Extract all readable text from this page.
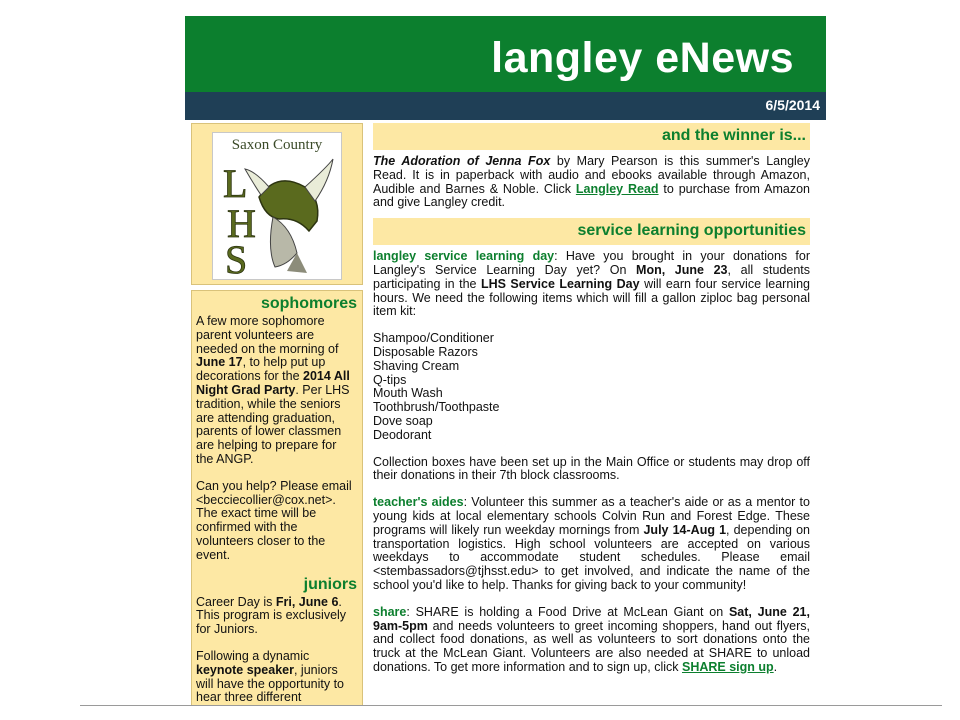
langley eNews
6/5/2014
Saxon Country
L
H
S
sophomores

A few more sophomore parent volunteers are needed on the morning of June 17, to help put up decorations for the 2014 All Night Grad Party. Per LHS tradition, while the seniors are attending graduation, parents of lower classmen are helping to prepare for the ANGP.

Can you help? Please email <becciecollier@cox.net>. The exact time will be confirmed with the volunteers closer to the event.

juniors

Career Day is Fri, June 6. This program is exclusively for Juniors.

Following a dynamic keynote speaker, juniors will have the opportunity to hear three different

and the winner is...

The Adoration of Jenna Fox by Mary Pearson is this summer's Langley Read. It is in paperback with audio and ebooks available through Amazon, Audible and Barnes & Noble. Click Langley Read to purchase from Amazon and give Langley credit.

service learning opportunities

langley service learning day: Have you brought in your donations for Langley's Service Learning Day yet? On Mon, June 23, all students participating in the LHS Service Learning Day will earn four service learning hours. We need the following items which will fill a gallon ziploc bag personal item kit:

Shampoo/Conditioner
Disposable Razors
Shaving Cream
Q-tips
Mouth Wash
Toothbrush/Toothpaste
Dove soap
Deodorant

Collection boxes have been set up in the Main Office or students may drop off their donations in their 7th block classrooms.

teacher's aides: Volunteer this summer as a teacher's aide or as a mentor to young kids at local elementary schools Colvin Run and Forest Edge. These programs will likely run weekday mornings from July 14-Aug 1, depending on transportation logistics. High school volunteers are accepted on various weekdays to accommodate student schedules. Please email <stembassadors@tjhsst.edu> to get involved, and indicate the name of the school you'd like to help. Thanks for giving back to your community!

share: SHARE is holding a Food Drive at McLean Giant on Sat, June 21, 9am-5pm and needs volunteers to greet incoming shoppers, hand out flyers, and collect food donations, as well as volunteers to sort donations onto the truck at the McLean Giant. Volunteers are also needed at SHARE to unload donations. To get more information and to sign up, click SHARE sign up.
